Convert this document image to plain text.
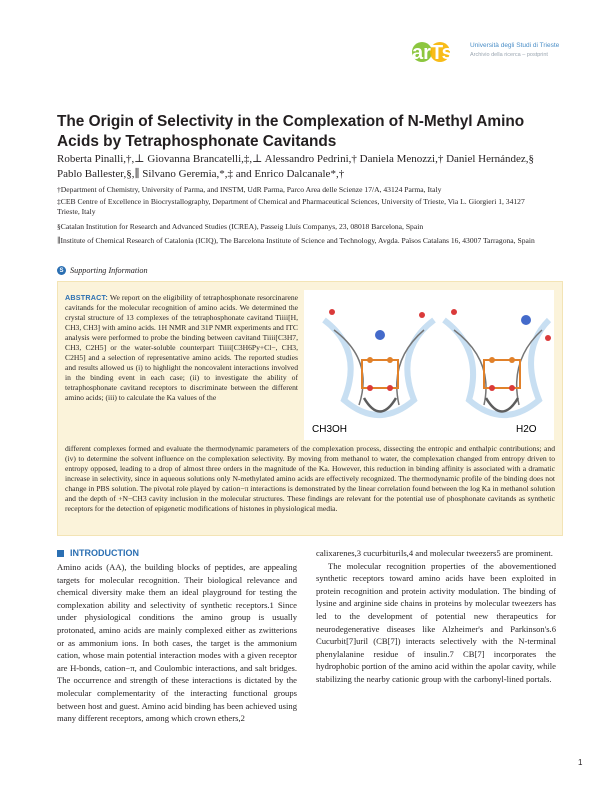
arTs	Università degli Studi di Trieste
Archivio della ricerca – postprint
The Origin of Selectivity in the Complexation of N-Methyl Amino Acids by Tetraphosphonate Cavitands
Roberta Pinalli,†,⊥ Giovanna Brancatelli,‡,⊥ Alessandro Pedrini,† Daniela Menozzi,† Daniel Hernández,§
Pablo Ballester,§,∥ Silvano Geremia,*,‡ and Enrico Dalcanale*,†
†Department of Chemistry, University of Parma, and INSTM, UdR Parma, Parco Area delle Scienze 17/A, 43124 Parma, Italy
‡CEB Centre of Excellence in Biocrystallography, Department of Chemical and Pharmaceutical Sciences, University of Trieste, Via L. Giorgieri 1, 34127 Trieste, Italy
§Catalan Institution for Research and Advanced Studies (ICREA), Passeig Lluís Companys, 23, 08018 Barcelona, Spain
∥Institute of Chemical Research of Catalonia (ICIQ), The Barcelona Institute of Science and Technology, Avgda. Països Catalans 16, 43007 Tarragona, Spain
S Supporting Information
ABSTRACT: We report on the eligibility of tetraphosphonate resorcinarene cavitands for the molecular recognition of amino acids. We determined the crystal structure of 13 complexes of the tetraphosphonate cavitand Tiiii[H, CH3, CH3] with amino acids. 1H NMR and 31P NMR experiments and ITC analysis were performed to probe the binding between cavitand Tiiii[C3H7, CH3, C2H5] or the water-soluble counterpart Tiiii[C3H6Py+Cl−, CH3, C2H5] and a selection of representative amino acids. The reported studies and results allowed us (i) to highlight the noncovalent interactions involved in the binding event in each case; (ii) to investigate the ability of tetraphosphonate cavitand receptors to discriminate between the different amino acids; (iii) to calculate the Ka values of the
CH3OH	H2O
different complexes formed and evaluate the thermodynamic parameters of the complexation process, dissecting the entropic and enthalpic contributions; and (iv) to determine the solvent influence on the complexation selectivity. By moving from methanol to water, the complexation changed from entropy driven to entropy opposed, leading to a drop of almost three orders in the magnitude of the Ka. However, this reduction in binding affinity is associated with a dramatic increase in selectivity, since in aqueous solutions only N-methylated amino acids are effectively recognized. The thermodynamic profile of the binding does not change in PBS solution. The pivotal role played by cation−π interactions is demonstrated by the linear correlation found between the log Ka in methanol solution and the depth of +N−CH3 cavity inclusion in the molecular structures. These findings are relevant for the potential use of phosphonate cavitands as synthetic receptors for the detection of epigenetic modifications of histones in physiological media.
INTRODUCTION
Amino acids (AA), the building blocks of peptides, are appealing targets for molecular recognition. Their biological relevance and chemical diversity make them an ideal playground for testing the complexation ability and selectivity of synthetic receptors.1 Since under physiological conditions the amino group is usually protonated, amino acids are mainly complexed either as zwitterions or as ammonium ions. In both cases, the target is the ammonium cation, whose main potential interaction modes with a given receptor are H-bonds, cation−π, and Coulombic interactions, and salt bridges. The occurrence and strength of these interactions is dictated by the molecular complementarity of the interacting functional groups between host and guest. Amino acid binding has been achieved using many different receptors, among which crown ethers,2
calixarenes,3 cucurbiturils,4 and molecular tweezers5 are prominent.
The molecular recognition properties of the abovementioned synthetic receptors toward amino acids have been exploited in protein recognition and protein activity modulation. The binding of lysine and arginine side chains in proteins by molecular tweezers has led to the development of potential new therapeutics for neurodegenerative diseases like Alzheimer's and Parkinson's.6 Cucurbit[7]uril (CB[7]) interacts selectively with the N-terminal phenylalanine residue of insulin.7 CB[7] incorporates the hydrophobic portion of the amino acid within the apolar cavity, while stabilizing the nearby cationic group with the carbonyl-lined portals.
1
